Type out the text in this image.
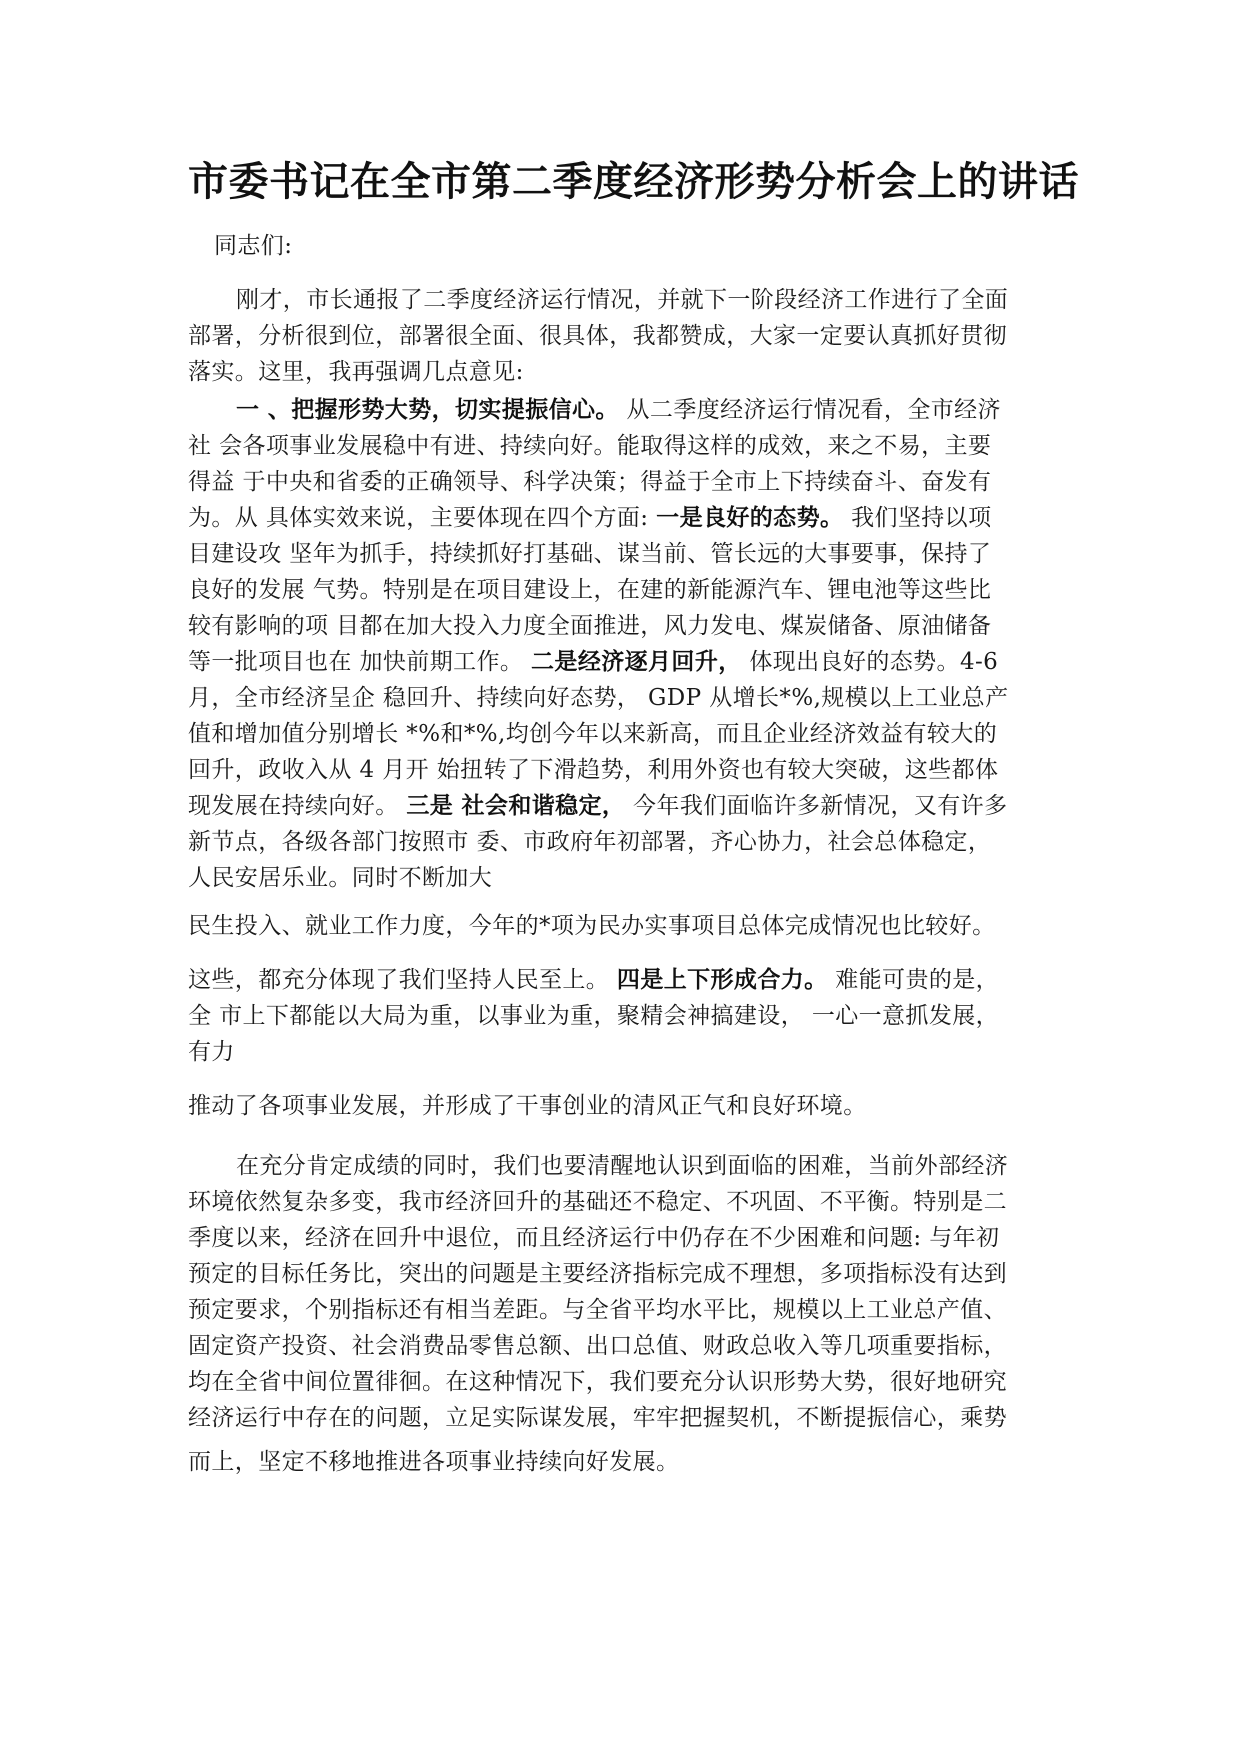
市委书记在全市第二季度经济形势分析会上的讲话
同志们:
刚才，市长通报了二季度经济运行情况，并就下一阶段经济工作进行了全面
部署，分析很到位，部署很全面、很具体，我都赞成，大家一定要认真抓好贯彻
落实。这里，我再强调几点意见:
一 、把握形势大势，切实提振信心。 从二季度经济运行情况看，全市经济
社 会各项事业发展稳中有进、持续向好。能取得这样的成效，来之不易，主要
得益 于中央和省委的正确领导、科学决策；得益于全市上下持续奋斗、奋发有
为。从 具体实效来说，主要体现在四个方面: 一是良好的态势。 我们坚持以项
目建设攻 坚年为抓手，持续抓好打基础、谋当前、管长远的大事要事，保持了
良好的发展 气势。特别是在项目建设上，在建的新能源汽车、锂电池等这些比
较有影响的项 目都在加大投入力度全面推进，风力发电、煤炭储备、原油储备
等一批项目也在 加快前期工作。 二是经济逐月回升， 体现出良好的态势。4-6
月，全市经济呈企 稳回升、持续向好态势， GDP 从增长*%,规模以上工业总产
值和增加值分别增长 *%和*%,均创今年以来新高，而且企业经济效益有较大的
回升，政收入从 4 月开 始扭转了下滑趋势，利用外资也有较大突破，这些都体
现发展在持续向好。 三是 社会和谐稳定， 今年我们面临许多新情况，又有许多
新节点，各级各部门按照市 委、市政府年初部署，齐心协力，社会总体稳定，
人民安居乐业。同时不断加大
民生投入、就业工作力度，今年的*项为民办实事项目总体完成情况也比较好。
这些，都充分体现了我们坚持人民至上。 四是上下形成合力。 难能可贵的是，
全 市上下都能以大局为重，以事业为重，聚精会神搞建设， 一心一意抓发展，
有力
推动了各项事业发展，并形成了干事创业的清风正气和良好环境。
在充分肯定成绩的同时，我们也要清醒地认识到面临的困难，当前外部经济
环境依然复杂多变，我市经济回升的基础还不稳定、不巩固、不平衡。特别是二
季度以来，经济在回升中退位，而且经济运行中仍存在不少困难和问题: 与年初
预定的目标任务比，突出的问题是主要经济指标完成不理想，多项指标没有达到
预定要求，个别指标还有相当差距。与全省平均水平比，规模以上工业总产值、
固定资产投资、社会消费品零售总额、出口总值、财政总收入等几项重要指标，
均在全省中间位置徘徊。在这种情况下，我们要充分认识形势大势，很好地研究
经济运行中存在的问题，立足实际谋发展，牢牢把握契机，不断提振信心，乘势
而上，坚定不移地推进各项事业持续向好发展。
